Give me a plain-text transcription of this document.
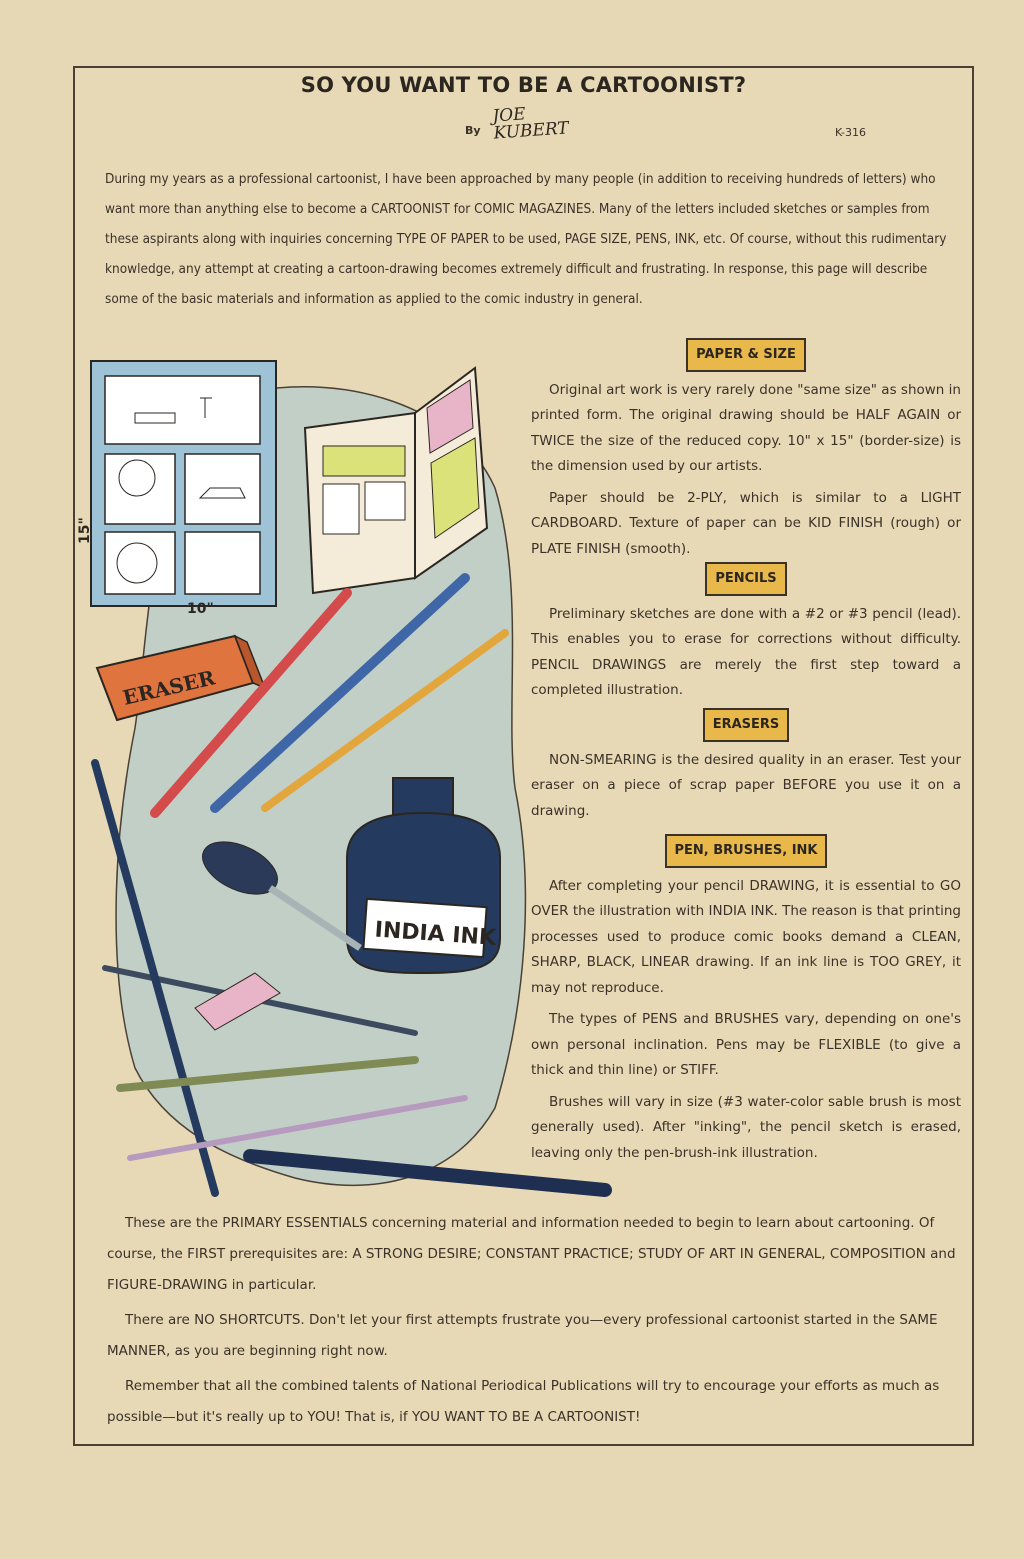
SO YOU WANT TO BE A CARTOONIST?
By
JOE
KUBERT	K-316

During my years as a professional cartoonist, I have been approached by many people (in addition to receiving hundreds of letters) who want more than anything else to become a CARTOONIST for COMIC MAGAZINES. Many of the letters included sketches or samples from these aspirants along with inquiries concerning TYPE OF PAPER to be used, PAGE SIZE, PENS, INK, etc. Of course, without this rudimentary knowledge, any attempt at creating a cartoon-drawing becomes extremely difficult and frustrating. In response, this page will describe some of the basic materials and information as applied to the comic industry in general.

15"
10"
ERASER
INDIA INK
PAPER & SIZE

Original art work is very rarely done "same size" as shown in printed form. The original drawing should be HALF AGAIN or TWICE the size of the reduced copy. 10" x 15" (border-size) is the dimension used by our artists.

Paper should be 2-PLY, which is similar to a LIGHT CARDBOARD. Texture of paper can be KID FINISH (rough) or PLATE FINISH (smooth).

PENCILS

Preliminary sketches are done with a #2 or #3 pencil (lead). This enables you to erase for corrections without difficulty. PENCIL DRAWINGS are merely the first step toward a completed illustration.

ERASERS

NON-SMEARING is the desired quality in an eraser. Test your eraser on a piece of scrap paper BEFORE you use it on a drawing.

PEN, BRUSHES, INK

After completing your pencil DRAWING, it is essential to GO OVER the illustration with INDIA INK. The reason is that printing processes used to produce comic books demand a CLEAN, SHARP, BLACK, LINEAR drawing. If an ink line is TOO GREY, it may not reproduce.

The types of PENS and BRUSHES vary, depending on one's own personal inclination. Pens may be FLEXIBLE (to give a thick and thin line) or STIFF.

Brushes will vary in size (#3 water-color sable brush is most generally used). After "inking", the pencil sketch is erased, leaving only the pen-brush-ink illustration.

These are the PRIMARY ESSENTIALS concerning material and information needed to begin to learn about cartooning. Of course, the FIRST prerequisites are: A STRONG DESIRE; CONSTANT PRACTICE; STUDY OF ART IN GENERAL, COMPOSITION and FIGURE-DRAWING in particular.

There are NO SHORTCUTS. Don't let your first attempts frustrate you—every professional cartoonist started in the SAME MANNER, as you are beginning right now.

Remember that all the combined talents of National Periodical Publications will try to encourage your efforts as much as possible—but it's really up to YOU! That is, if YOU WANT TO BE A CARTOONIST!
